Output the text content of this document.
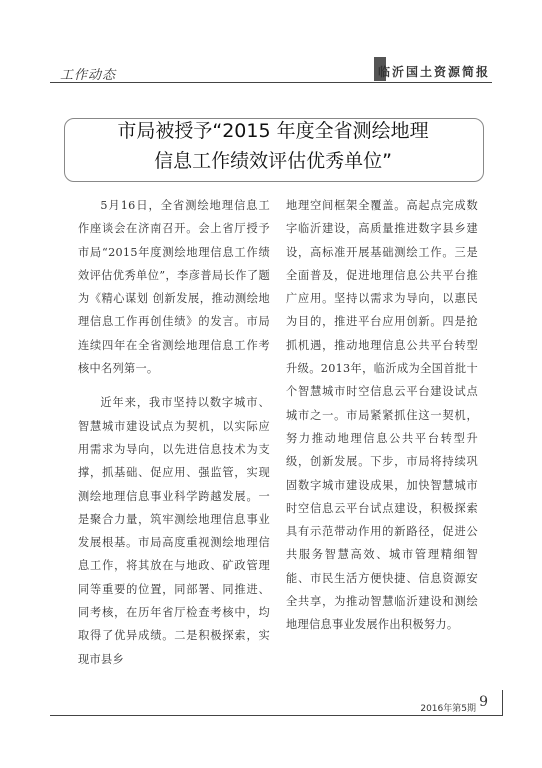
工作动态	临沂国土资源简报
市局被授予“2015 年度全省测绘地理
信息工作绩效评估优秀单位”

5月16日，全省测绘地理信息工作座谈会在济南召开。会上省厅授予市局“2015年度测绘地理信息工作绩效评估优秀单位”，李彦普局长作了题为《精心谋划 创新发展，推动测绘地理信息工作再创佳绩》的发言。市局连续四年在全省测绘地理信息工作考核中名列第一。

近年来，我市坚持以数字城市、智慧城市建设试点为契机，以实际应用需求为导向，以先进信息技术为支撑，抓基础、促应用、强监管，实现测绘地理信息事业科学跨越发展。一是聚合力量，筑牢测绘地理信息事业发展根基。市局高度重视测绘地理信息工作，将其放在与地政、矿政管理同等重要的位置，同部署、同推进、同考核，在历年省厅检查考核中，均取得了优异成绩。二是积极探索，实现市县乡

地理空间框架全覆盖。高起点完成数字临沂建设，高质量推进数字县乡建设，高标准开展基础测绘工作。三是全面普及，促进地理信息公共平台推广应用。坚持以需求为导向，以惠民为目的，推进平台应用创新。四是抢抓机遇，推动地理信息公共平台转型升级。2013年，临沂成为全国首批十个智慧城市时空信息云平台建设试点城市之一。市局紧紧抓住这一契机，努力推动地理信息公共平台转型升级，创新发展。下步，市局将持续巩固数字城市建设成果，加快智慧城市时空信息云平台试点建设，积极探索具有示范带动作用的新路径，促进公共服务智慧高效、城市管理精细智能、市民生活方便快捷、信息资源安全共享，为推动智慧临沂建设和测绘地理信息事业发展作出积极努力。

2016年第5期 9
